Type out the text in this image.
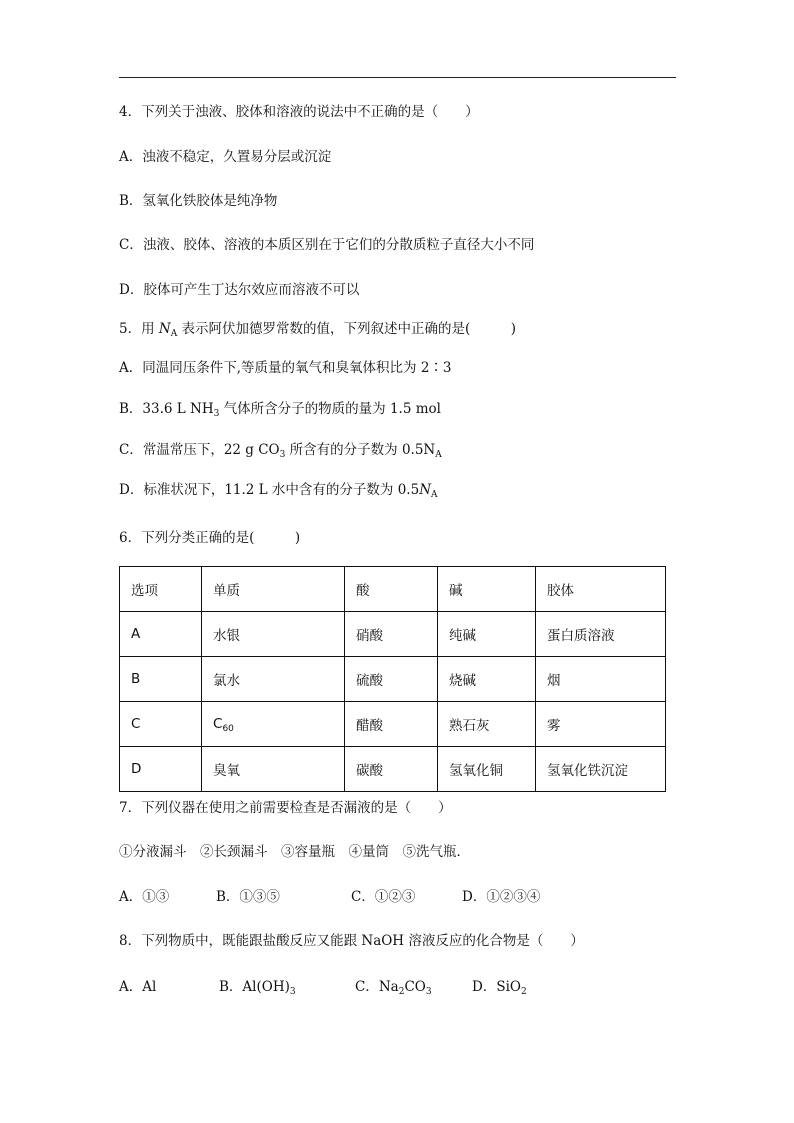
4．下列关于浊液、胶体和溶液的说法中不正确的是（　　）
A．浊液不稳定，久置易分层或沉淀
B．氢氧化铁胶体是纯净物
C．浊液、胶体、溶液的本质区别在于它们的分散质粒子直径大小不同
D．胶体可产生丁达尔效应而溶液不可以
5．用 $N_A$ 表示阿伏加德罗常数的值，下列叙述中正确的是(　　　)
A．同温同压条件下,等质量的氧气和臭氧体积比为 2∶3
B．33.6 L $NH_3$ 气体所含分子的物质的量为 1.5 mol
C．常温常压下，22 g $CO_3$ 所含有的分子数为 $0.5N_A$
D．标准状况下，11.2 L 水中含有的分子数为 $0.5N_A$
6．下列分类正确的是(　　　)
选项	单质	酸	碱	胶体
A	水银	硝酸	纯碱	蛋白质溶液
B	氯水	硫酸	烧碱	烟
C	$C_{60}$	醋酸	熟石灰	雾
D	臭氧	碳酸	氢氧化铜	氢氧化铁沉淀
7．下列仪器在使用之前需要检查是否漏液的是（　　）
①分液漏斗　②长颈漏斗　③容量瓶　④量筒　⑤洗气瓶．
A．①③	B．①③⑤	C．①②③	D．①②③④
8．下列物质中，既能跟盐酸反应又能跟 NaOH 溶液反应的化合物是（　　）
A．Al	B．$Al(OH)_3$	C．$Na_2CO_3$	D．SiO$_2$
